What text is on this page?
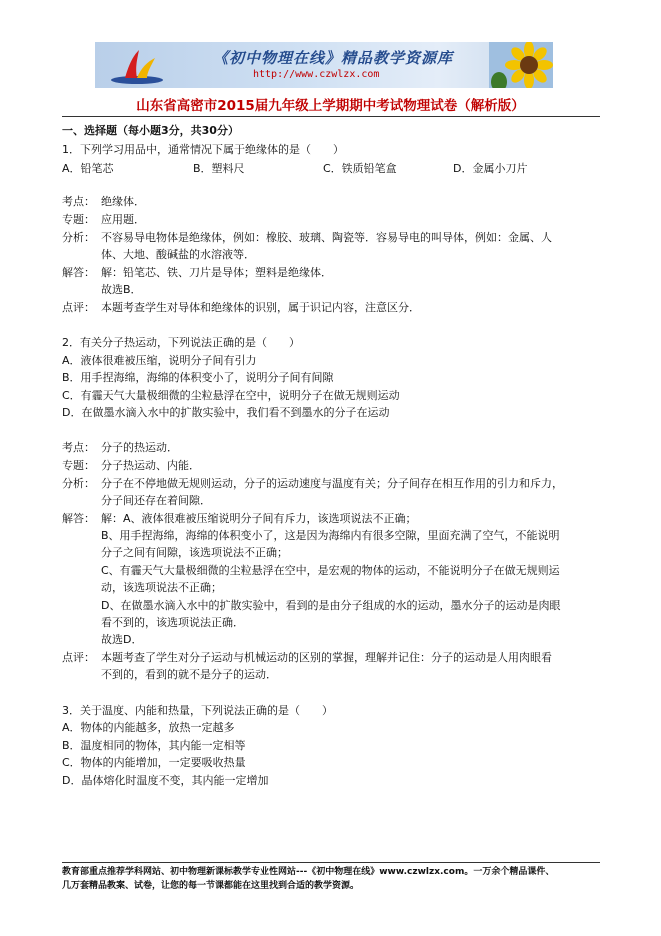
《初中物理在线》精品教学资源库
http://www.czwlzx.com
山东省高密市2015届九年级上学期期中考试物理试卷（解析版）
一、选择题（每小题3分，共30分）
1．下列学习用品中，通常情况下属于绝缘体的是（　　）
A．铅笔芯	B．塑料尺	C．铁质铅笔盒	D．金属小刀片
考点： 绝缘体．
专题： 应用题．
分析： 不容易导电物体是绝缘体，例如：橡胶、玻璃、陶瓷等．容易导电的叫导体，例如：金属、人
体、大地、酸碱盐的水溶液等．
解答： 解：铅笔芯、铁、刀片是导体；塑料是绝缘体．
故选B．
点评： 本题考查学生对导体和绝缘体的识别，属于识记内容，注意区分．
2．有关分子热运动，下列说法正确的是（　　）
A．液体很难被压缩，说明分子间有引力
B．用手捏海绵，海绵的体积变小了，说明分子间有间隙
C．有霾天气大量极细微的尘粒悬浮在空中，说明分子在做无规则运动
D．在做墨水滴入水中的扩散实验中，我们看不到墨水的分子在运动
考点： 分子的热运动．
专题： 分子热运动、内能．
分析： 分子在不停地做无规则运动，分子的运动速度与温度有关；分子间存在相互作用的引力和斥力，
分子间还存在着间隙．
解答： 解：A、液体很难被压缩说明分子间有斥力，该选项说法不正确；
B、用手捏海绵，海绵的体积变小了，这是因为海绵内有很多空隙，里面充满了空气，不能说明
分子之间有间隙，该选项说法不正确；
C、有霾天气大量极细微的尘粒悬浮在空中，是宏观的物体的运动，不能说明分子在做无规则运
动，该选项说法不正确；
D、在做墨水滴入水中的扩散实验中，看到的是由分子组成的水的运动，墨水分子的运动是肉眼
看不到的，该选项说法正确．
故选D．
点评： 本题考查了学生对分子运动与机械运动的区别的掌握，理解并记住：分子的运动是人用肉眼看
不到的，看到的就不是分子的运动．
3．关于温度、内能和热量，下列说法正确的是（　　）
A．物体的内能越多，放热一定越多
B．温度相同的物体，其内能一定相等
C．物体的内能增加，一定要吸收热量
D．晶体熔化时温度不变，其内能一定增加
教育部重点推荐学科网站、初中物理新课标教学专业性网站---《初中物理在线》www.czwlzx.com。一万余个精品课件、
几万套精品教案、试卷，让您的每一节课都能在这里找到合适的教学资源。
